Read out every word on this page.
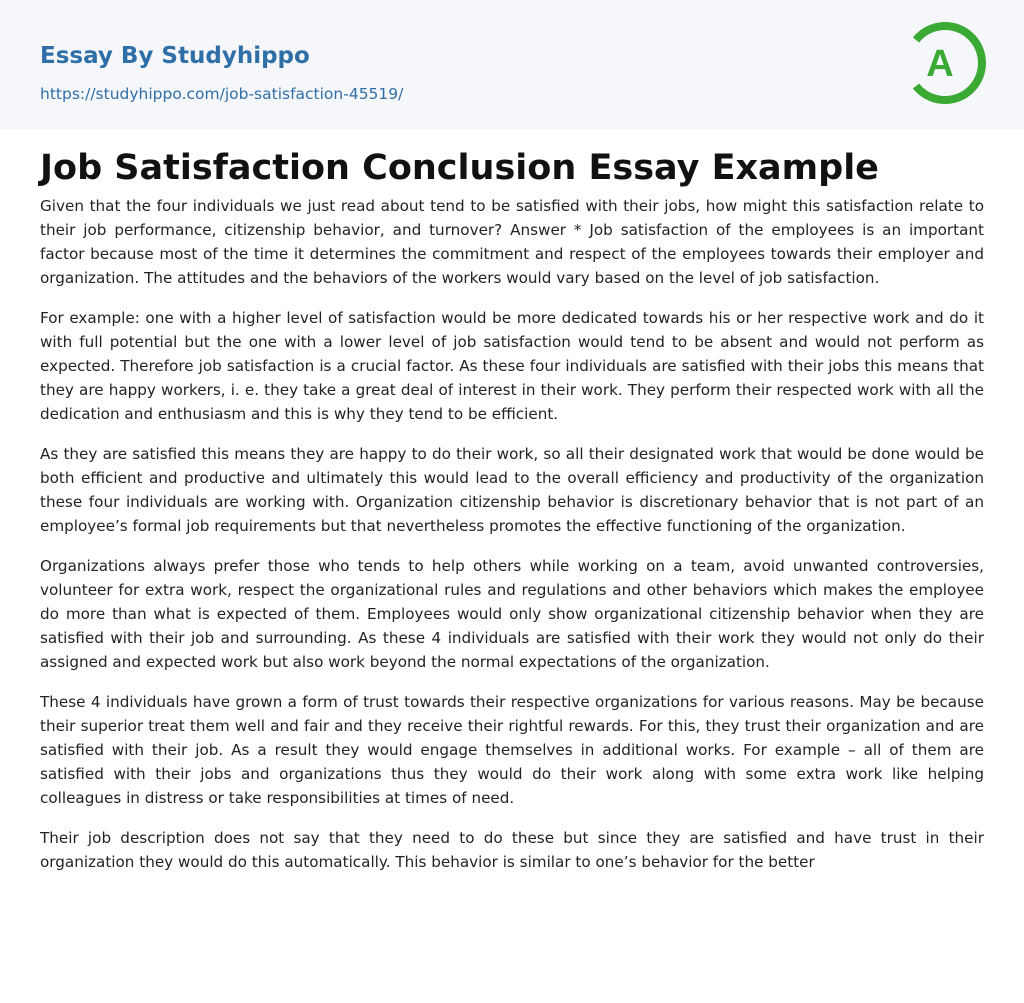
Essay By Studyhippo
https://studyhippo.com/job-satisfaction-45519/
A
Job Satisfaction Conclusion Essay Example

Given that the four individuals we just read about tend to be satisfied with their jobs, how might this satisfaction relate to their job performance, citizenship behavior, and turnover? Answer * Job satisfaction of the employees is an important factor because most of the time it determines the commitment and respect of the employees towards their employer and organization. The attitudes and the behaviors of the workers would vary based on the level of job satisfaction.

For example: one with a higher level of satisfaction would be more dedicated towards his or her respective work and do it with full potential but the one with a lower level of job satisfaction would tend to be absent and would not perform as expected. Therefore job satisfaction is a crucial factor. As these four individuals are satisfied with their jobs this means that they are happy workers, i. e. they take a great deal of interest in their work. They perform their respected work with all the dedication and enthusiasm and this is why they tend to be efficient.

As they are satisfied this means they are happy to do their work, so all their designated work that would be done would be both efficient and productive and ultimately this would lead to the overall efficiency and productivity of the organization these four individuals are working with. Organization citizenship behavior is discretionary behavior that is not part of an employee’s formal job requirements but that nevertheless promotes the effective functioning of the organization.

Organizations always prefer those who tends to help others while working on a team, avoid unwanted controversies, volunteer for extra work, respect the organizational rules and regulations and other behaviors which makes the employee do more than what is expected of them. Employees would only show organizational citizenship behavior when they are satisfied with their job and surrounding. As these 4 individuals are satisfied with their work they would not only do their assigned and expected work but also work beyond the normal expectations of the organization.

These 4 individuals have grown a form of trust towards their respective organizations for various reasons. May be because their superior treat them well and fair and they receive their rightful rewards. For this, they trust their organization and are satisfied with their job. As a result they would engage themselves in additional works. For example – all of them are satisfied with their jobs and organizations thus they would do their work along with some extra work like helping colleagues in distress or take responsibilities at times of need.

Their job description does not say that they need to do these but since they are satisfied and have trust in their organization they would do this automatically. This behavior is similar to one’s behavior for the better
